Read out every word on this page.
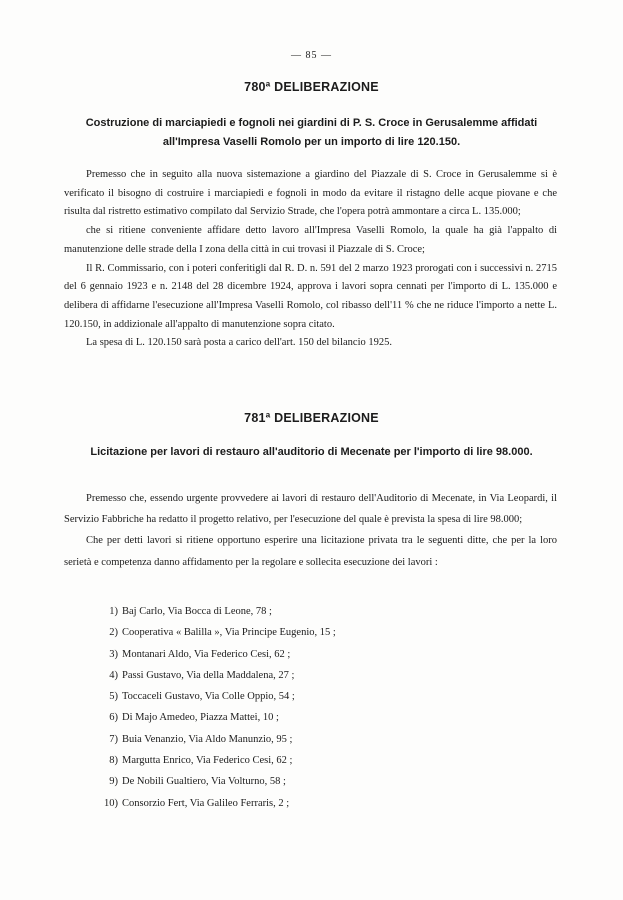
— 85 —
780ª DELIBERAZIONE
Costruzione di marciapiedi e fognoli nei giardini di P. S. Croce in Gerusalemme affidati all'Impresa Vaselli Romolo per un importo di lire 120.150.

Premesso che in seguito alla nuova sistemazione a giardino del Piazzale di S. Croce in Gerusalemme si è verificato il bisogno di costruire i marciapiedi e fognoli in modo da evitare il ristagno delle acque piovane e che risulta dal ristretto estimativo compilato dal Servizio Strade, che l'opera potrà ammontare a circa L. 135.000;

che si ritiene conveniente affidare detto lavoro all'Impresa Vaselli Romolo, la quale ha già l'appalto di manutenzione delle strade della I zona della città in cui trovasi il Piazzale di S. Croce;

Il R. Commissario, con i poteri conferitigli dal R. D. n. 591 del 2 marzo 1923 prorogati con i successivi n. 2715 del 6 gennaio 1923 e n. 2148 del 28 dicembre 1924, approva i lavori sopra cennati per l'importo di L. 135.000 e delibera di affidarne l'esecuzione all'Impresa Vaselli Romolo, col ribasso dell'11 % che ne riduce l'importo a nette L. 120.150, in addizionale all'appalto di manutenzione sopra citato.

La spesa di L. 120.150 sarà posta a carico dell'art. 150 del bilancio 1925.

781ª DELIBERAZIONE
Licitazione per lavori di restauro all'auditorio di Mecenate per l'importo di lire 98.000.

Premesso che, essendo urgente provvedere ai lavori di restauro dell'Auditorio di Mecenate, in Via Leopardi, il Servizio Fabbriche ha redatto il progetto relativo, per l'esecuzione del quale è prevista la spesa di lire 98.000;

Che per detti lavori si ritiene opportuno esperire una licitazione privata tra le seguenti ditte, che per la loro serietà e competenza danno affidamento per la regolare e sollecita esecuzione dei lavori :

1) Baj Carlo, Via Bocca di Leone, 78 ;
2) Cooperativa « Balilla », Via Principe Eugenio, 15 ;
3) Montanari Aldo, Via Federico Cesi, 62 ;
4) Passi Gustavo, Via della Maddalena, 27 ;
5) Toccaceli Gustavo, Via Colle Oppio, 54 ;
6) Di Majo Amedeo, Piazza Mattei, 10 ;
7) Buia Venanzio, Via Aldo Manunzio, 95 ;
8) Margutta Enrico, Via Federico Cesi, 62 ;
9) De Nobili Gualtiero, Via Volturno, 58 ;
10) Consorzio Fert, Via Galileo Ferraris, 2 ;
